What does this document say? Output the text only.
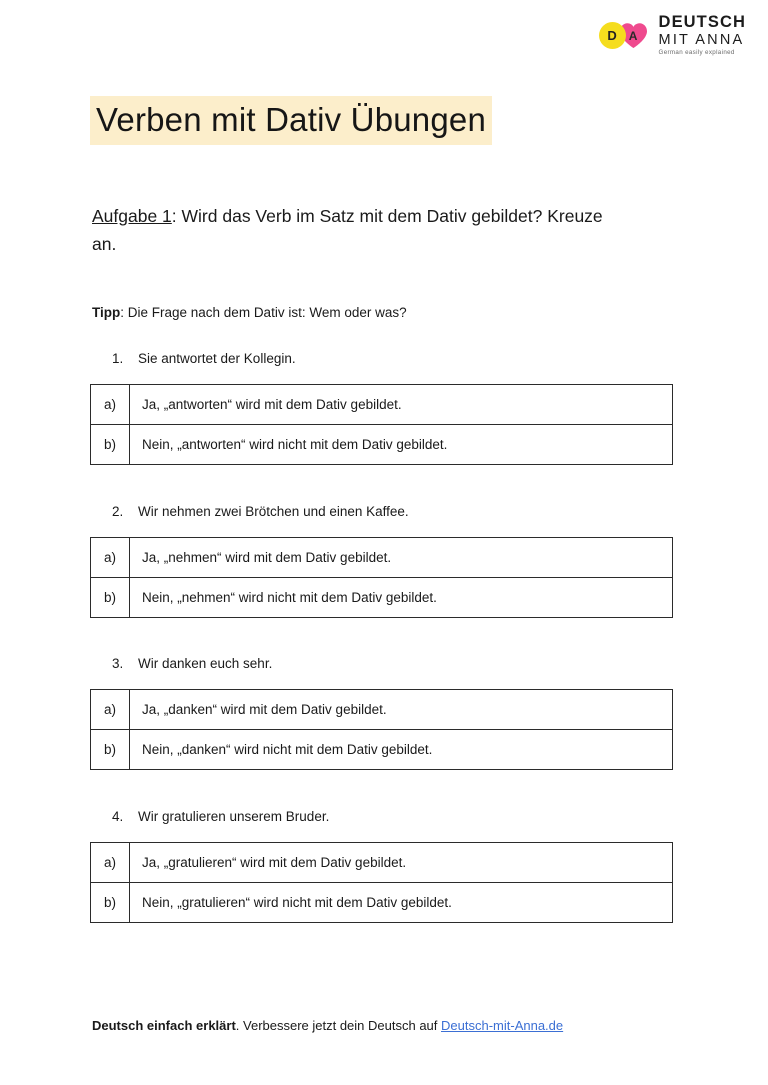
D A
DEUTSCH
MIT ANNA
German easily explained
Verben mit Dativ Übungen
Aufgabe 1: Wird das Verb im Satz mit dem Dativ gebildet? Kreuze an.
Tipp: Die Frage nach dem Dativ ist: Wem oder was?
1. Sie antwortet der Kollegin.
a)	Ja, „antworten“ wird mit dem Dativ gebildet.
b)	Nein, „antworten“ wird nicht mit dem Dativ gebildet.
2. Wir nehmen zwei Brötchen und einen Kaffee.
a)	Ja, „nehmen“ wird mit dem Dativ gebildet.
b)	Nein, „nehmen“ wird nicht mit dem Dativ gebildet.
3. Wir danken euch sehr.
a)	Ja, „danken“ wird mit dem Dativ gebildet.
b)	Nein, „danken“ wird nicht mit dem Dativ gebildet.
4. Wir gratulieren unserem Bruder.
a)	Ja, „gratulieren“ wird mit dem Dativ gebildet.
b)	Nein, „gratulieren“ wird nicht mit dem Dativ gebildet.
Deutsch einfach erklärt. Verbessere jetzt dein Deutsch auf Deutsch-mit-Anna.de
